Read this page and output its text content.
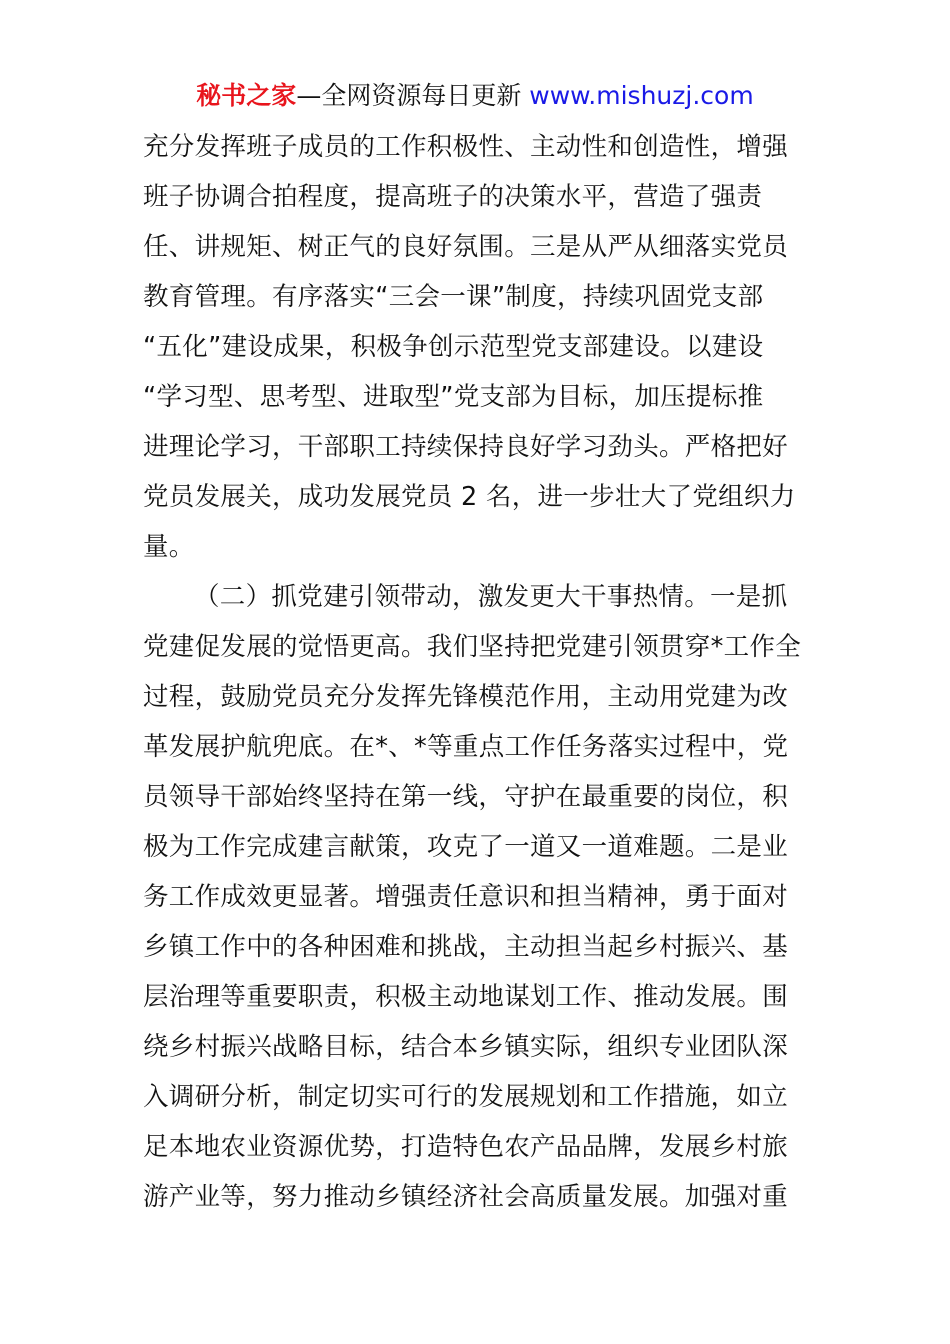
秘书之家—全网资源每日更新 www.mishuzj.com
充分发挥班子成员的工作积极性、主动性和创造性，增强
班子协调合拍程度，提高班子的决策水平，营造了强责
任、讲规矩、树正气的良好氛围。三是从严从细落实党员
教育管理。有序落实“三会一课”制度，持续巩固党支部
“五化”建设成果，积极争创示范型党支部建设。以建设
“学习型、思考型、进取型”党支部为目标，加压提标推
进理论学习，干部职工持续保持良好学习劲头。严格把好
党员发展关，成功发展党员 2 名，进一步壮大了党组织力
量。
（二）抓党建引领带动，激发更大干事热情。一是抓
党建促发展的觉悟更高。我们坚持把党建引领贯穿*工作全
过程，鼓励党员充分发挥先锋模范作用，主动用党建为改
革发展护航兜底。在*、*等重点工作任务落实过程中，党
员领导干部始终坚持在第一线，守护在最重要的岗位，积
极为工作完成建言献策，攻克了一道又一道难题。二是业
务工作成效更显著。增强责任意识和担当精神，勇于面对
乡镇工作中的各种困难和挑战，主动担当起乡村振兴、基
层治理等重要职责，积极主动地谋划工作、推动发展。围
绕乡村振兴战略目标，结合本乡镇实际，组织专业团队深
入调研分析，制定切实可行的发展规划和工作措施，如立
足本地农业资源优势，打造特色农产品品牌，发展乡村旅
游产业等，努力推动乡镇经济社会高质量发展。加强对重
